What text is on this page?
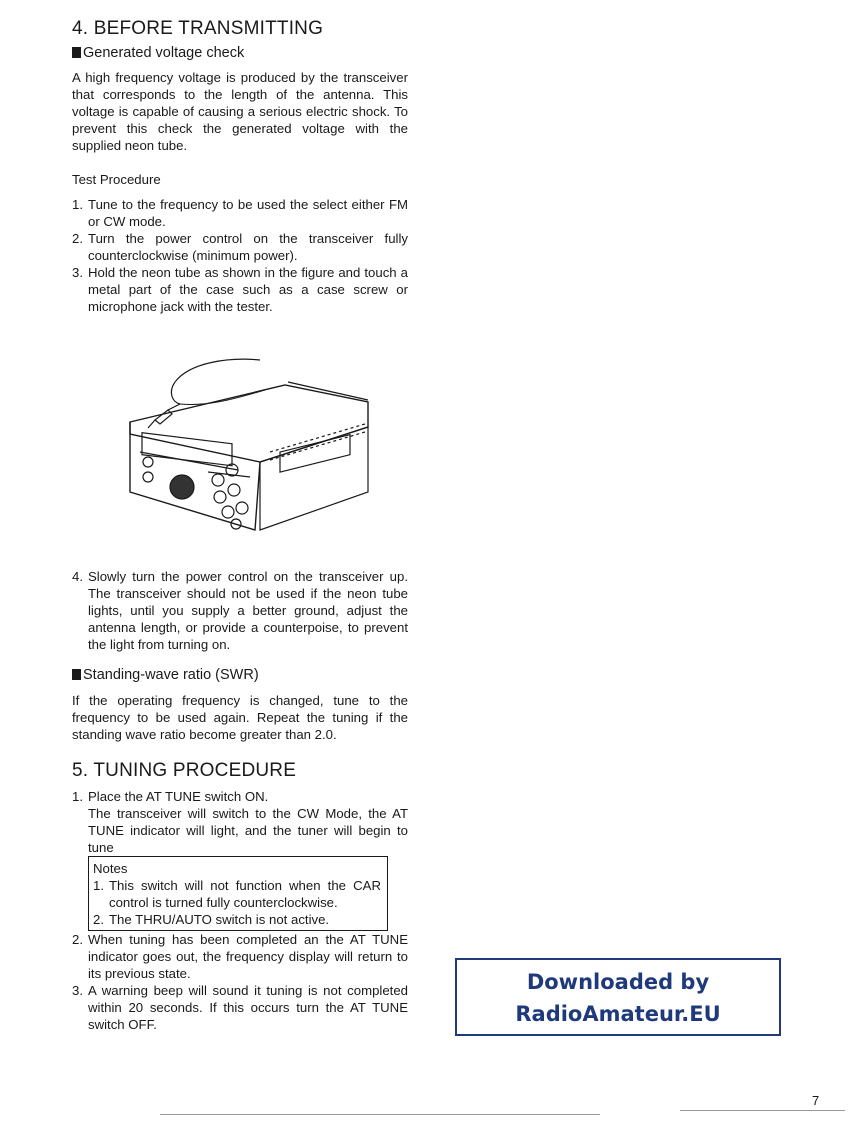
4. BEFORE TRANSMITTING
Generated voltage check

A high frequency voltage is produced by the transceiver that corresponds to the length of the antenna. This voltage is capable of causing a serious electric shock. To prevent this check the generated voltage with the supplied neon tube.

Test Procedure

1. Tune to the frequency to be used the select either FM or CW mode.
2. Turn the power control on the transceiver fully counterclockwise (minimum power).
3. Hold the neon tube as shown in the figure and touch a metal part of the case such as a case screw or microphone jack with the tester.
4. Slowly turn the power control on the transceiver up. The transceiver should not be used if the neon tube lights, until you supply a better ground, adjust the antenna length, or provide a counterpoise, to prevent the light from turning on.
Standing-wave ratio (SWR)

If the operating frequency is changed, tune to the frequency to be used again. Repeat the tuning if the standing wave ratio become greater than 2.0.

5. TUNING PROCEDURE
1. Place the AT TUNE switch ON.
The transceiver will switch to the CW Mode, the AT TUNE indicator will light, and the tuner will begin to tune
Notes
1. This switch will not function when the CAR control is turned fully counterclockwise.
2. The THRU/AUTO switch is not active.
2. When tuning has been completed an the AT TUNE indicator goes out, the frequency display will return to its previous state.
3. A warning beep will sound it tuning is not completed within 20 seconds. If this occurs turn the AT TUNE switch OFF.
Downloaded by
RadioAmateur.EU
7
